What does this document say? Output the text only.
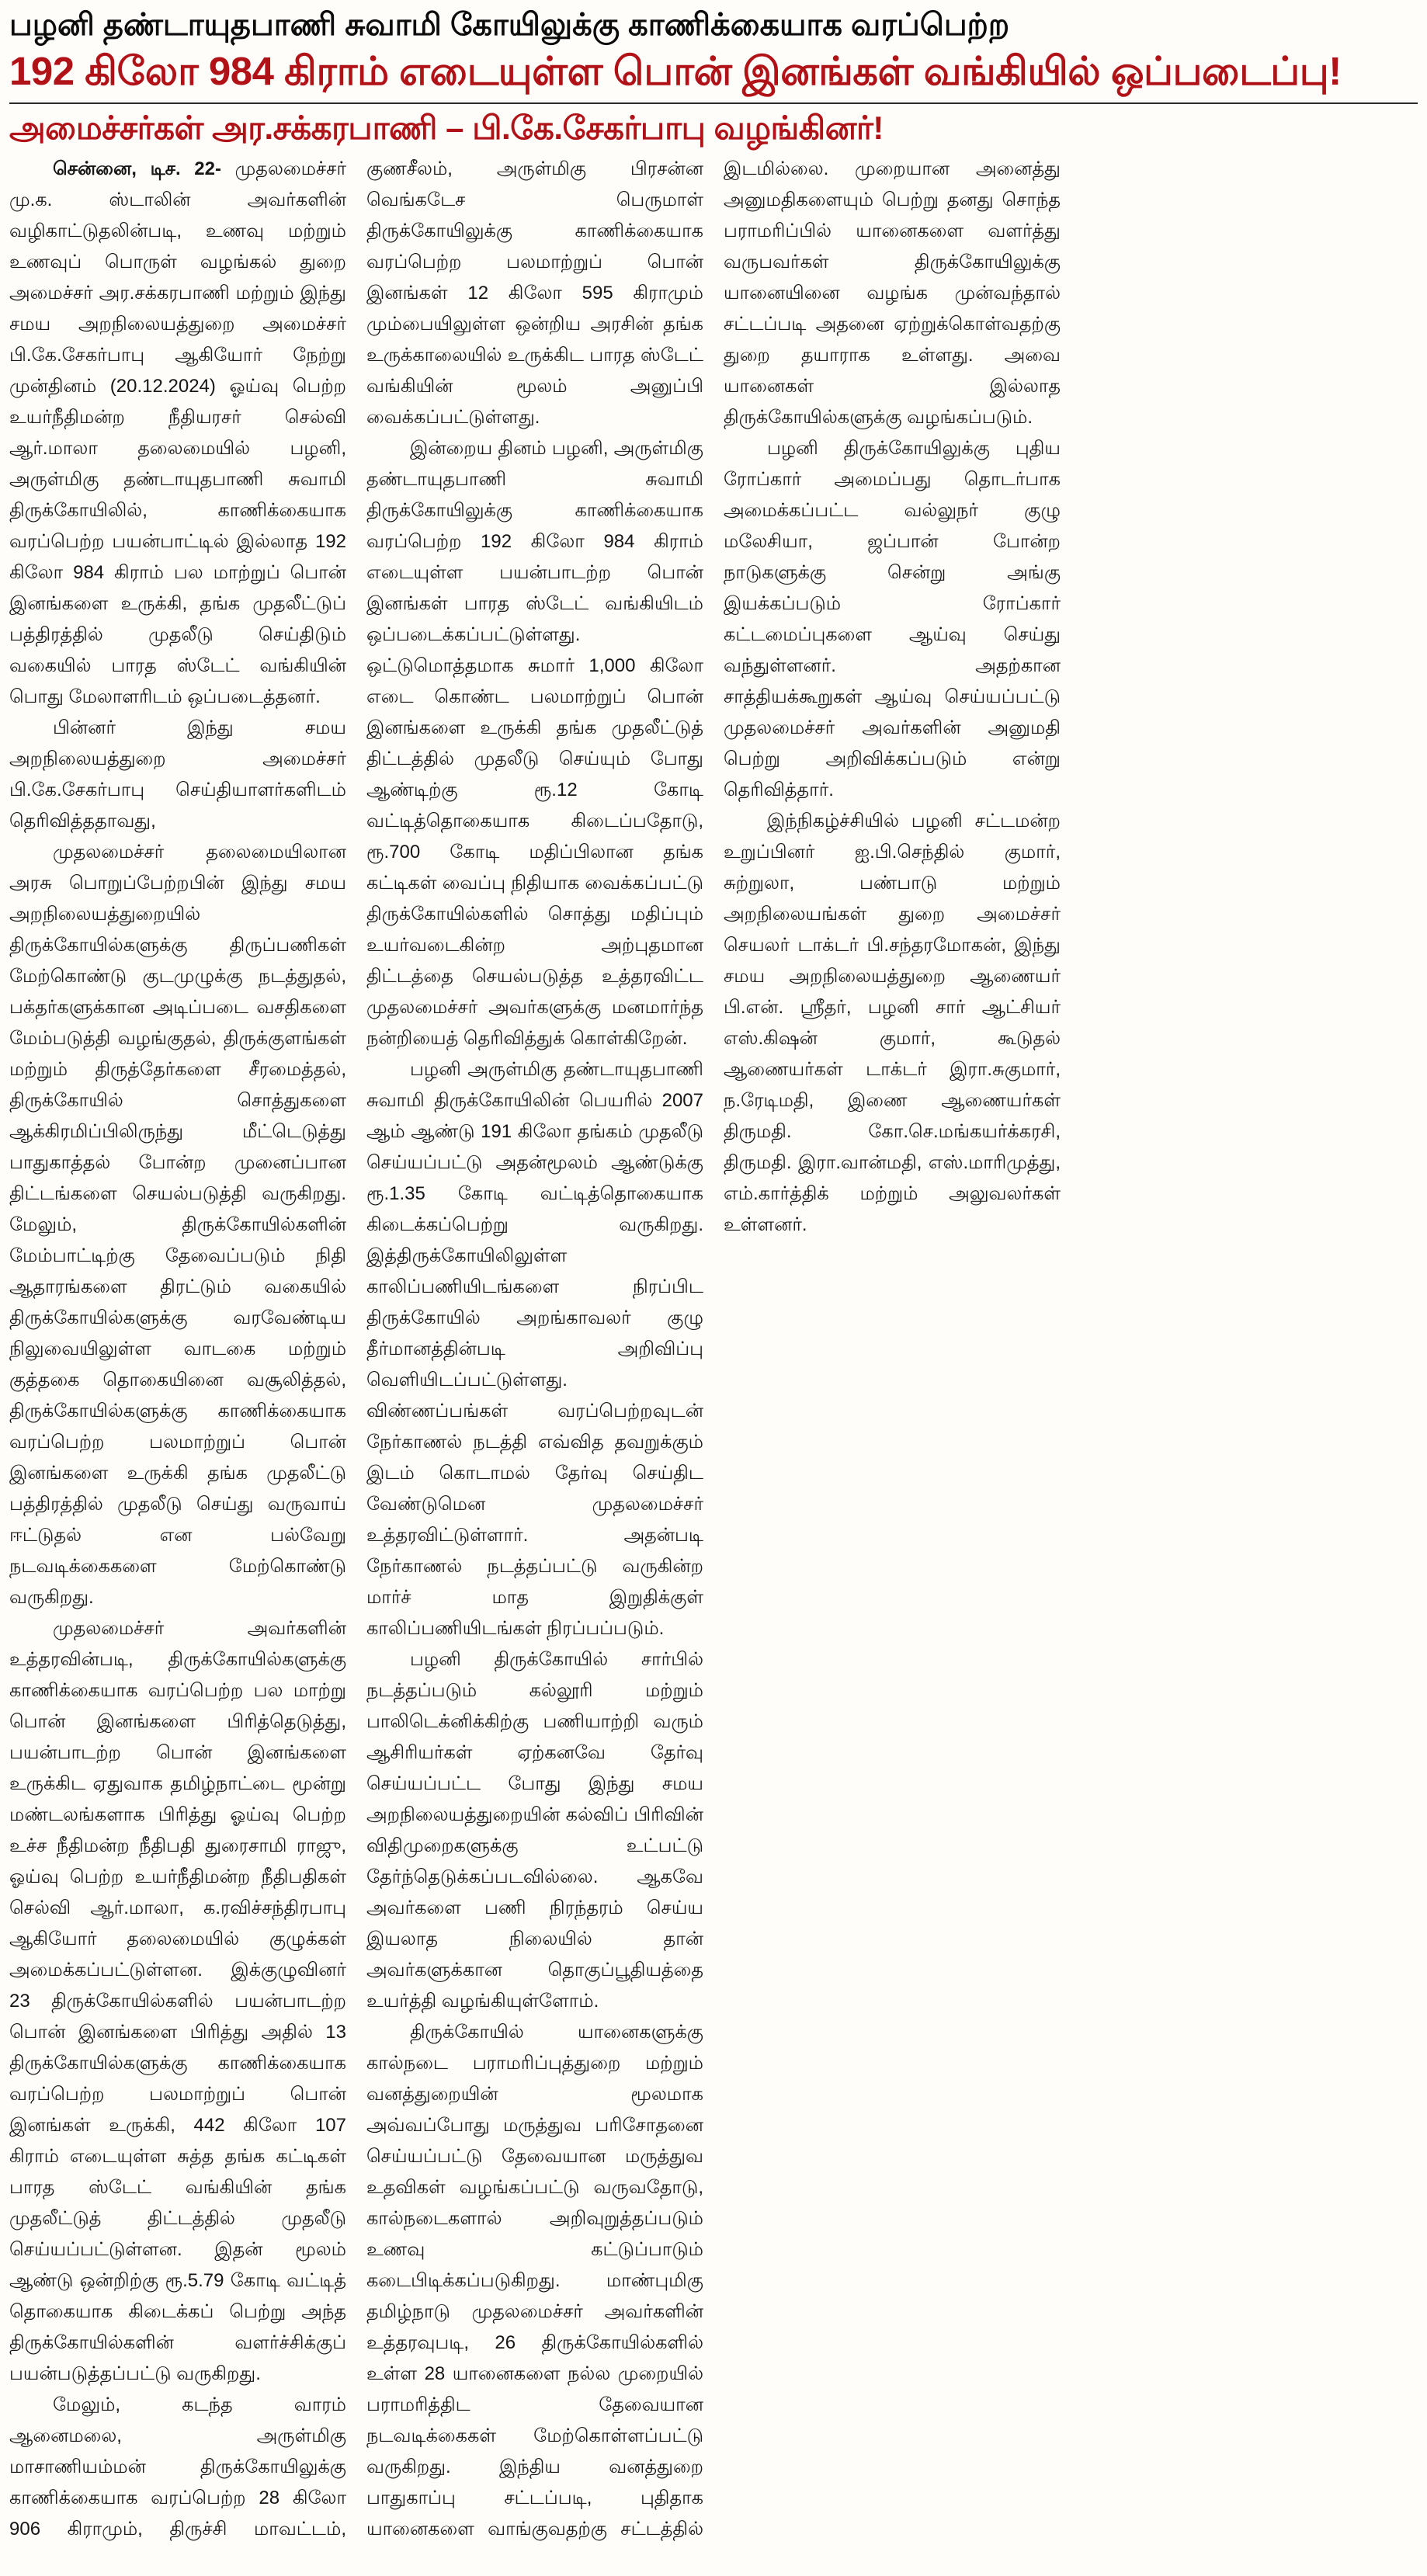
பழனி தண்டாயுதபாணி சுவாமி கோயிலுக்கு காணிக்கையாக வரப்பெற்ற
192 கிலோ 984 கிராம் எடையுள்ள பொன் இனங்கள் வங்கியில் ஒப்படைப்பு!
அமைச்சர்கள் அர.சக்கரபாணி – பி.கே.சேகர்பாபு வழங்கினர்!

சென்னை, டிச. 22- முதலமைச்சர் மு.க. ஸ்டாலின் அவர்களின் வழிகாட்டுதலின்படி, உணவு மற்றும் உணவுப் பொருள் வழங்கல் துறை அமைச்சர் அர.சக்கரபாணி மற்றும் இந்து சமய அறநிலையத்துறை அமைச்சர் பி.கே.சேகர்பாபு ஆகியோர் நேற்று முன்தினம் (20.12.2024) ஓய்வு பெற்ற உயர்நீதிமன்ற நீதியரசர் செல்வி ஆர்.மாலா தலைமையில் பழனி, அருள்மிகு தண்டாயுதபாணி சுவாமி திருக்கோயிலில், காணிக்கையாக வரப்பெற்ற பயன்பாட்டில் இல்லாத 192 கிலோ 984 கிராம் பல மாற்றுப் பொன் இனங்களை உருக்கி, தங்க முதலீட்டுப் பத்திரத்தில் முதலீடு செய்திடும் வகையில் பாரத ஸ்டேட் வங்கியின் பொது மேலாளரிடம் ஒப்படைத்தனர்.

பின்னர் இந்து சமய அறநிலையத்துறை அமைச்சர் பி.கே.சேகர்பாபு செய்தியாளர்களிடம் தெரிவித்ததாவது,

முதலமைச்சர் தலைமையிலான அரசு பொறுப்பேற்றபின் இந்து சமய அறநிலையத்துறையில் திருக்கோயில்களுக்கு திருப்பணிகள் மேற்கொண்டு குடமுழுக்கு நடத்துதல், பக்தர்களுக்கான அடிப்படை வசதிகளை மேம்படுத்தி வழங்குதல், திருக்குளங்கள் மற்றும் திருத்தேர்களை சீரமைத்தல், திருக்கோயில் சொத்துகளை ஆக்கிரமிப்பிலிருந்து மீட்டெடுத்து பாதுகாத்தல் போன்ற முனைப்பான திட்டங்களை செயல்படுத்தி வருகிறது. மேலும், திருக்கோயில்களின் மேம்பாட்டிற்கு தேவைப்படும் நிதி ஆதாரங்களை திரட்டும் வகையில் திருக்கோயில்களுக்கு வரவேண்டிய நிலுவையிலுள்ள வாடகை மற்றும் குத்தகை தொகையினை வசூலித்தல், திருக்கோயில்களுக்கு காணிக்கையாக வரப்பெற்ற பலமாற்றுப் பொன் இனங்களை உருக்கி தங்க முதலீட்டு பத்திரத்தில் முதலீடு செய்து வருவாய் ஈட்டுதல் என பல்வேறு நடவடிக்கைகளை மேற்கொண்டு வருகிறது.

முதலமைச்சர் அவர்களின் உத்தரவின்படி, திருக்கோயில்களுக்கு காணிக்கையாக வரப்பெற்ற பல மாற்று பொன் இனங்களை பிரித்தெடுத்து, பயன்பாடற்ற பொன் இனங்களை உருக்கிட ஏதுவாக தமிழ்நாட்டை மூன்று மண்டலங்களாக பிரித்து ஓய்வு பெற்ற உச்ச நீதிமன்ற நீதிபதி துரைசாமி ராஜு, ஓய்வு பெற்ற உயர்நீதிமன்ற நீதிபதிகள் செல்வி ஆர்.மாலா, க.ரவிச்சந்திரபாபு ஆகியோர் தலைமையில் குழுக்கள் அமைக்கப்பட்டுள்ளன. இக்குழுவினர் 23 திருக்கோயில்களில் பயன்பாடற்ற பொன் இனங்களை பிரித்து அதில் 13 திருக்கோயில்களுக்கு காணிக்கையாக வரப்பெற்ற பலமாற்றுப் பொன் இனங்கள் உருக்கி, 442 கிலோ 107 கிராம் எடையுள்ள சுத்த தங்க கட்டிகள் பாரத ஸ்டேட் வங்கியின் தங்க முதலீட்டுத் திட்டத்தில் முதலீடு செய்யப்பட்டுள்ளன. இதன் மூலம் ஆண்டு ஒன்றிற்கு ரூ.5.79 கோடி வட்டித் தொகையாக கிடைக்கப் பெற்று அந்த திருக்கோயில்களின் வளர்ச்சிக்குப் பயன்படுத்தப்பட்டு வருகிறது.

மேலும், கடந்த வாரம் ஆனைமலை, அருள்மிகு மாசாணியம்மன் திருக்கோயிலுக்கு காணிக்கையாக வரப்பெற்ற 28 கிலோ 906 கிராமும், திருச்சி மாவட்டம், குணசீலம், அருள்மிகு பிரசன்ன வெங்கடேச பெருமாள் திருக்கோயிலுக்கு காணிக்கையாக வரப்பெற்ற பலமாற்றுப் பொன் இனங்கள் 12 கிலோ 595 கிராமும் மும்பையிலுள்ள ஒன்றிய அரசின் தங்க உருக்காலையில் உருக்கிட பாரத ஸ்டேட் வங்கியின் மூலம் அனுப்பி வைக்கப்பட்டுள்ளது.

இன்றைய தினம் பழனி, அருள்மிகு தண்டாயுதபாணி சுவாமி திருக்கோயிலுக்கு காணிக்கையாக வரப்பெற்ற 192 கிலோ 984 கிராம் எடையுள்ள பயன்பாடற்ற பொன் இனங்கள் பாரத ஸ்டேட் வங்கியிடம் ஒப்படைக்கப்பட்டுள்ளது. ஒட்டுமொத்தமாக சுமார் 1,000 கிலோ எடை கொண்ட பலமாற்றுப் பொன் இனங்களை உருக்கி தங்க முதலீட்டுத் திட்டத்தில் முதலீடு செய்யும் போது ஆண்டிற்கு ரூ.12 கோடி வட்டித்தொகையாக கிடைப்பதோடு, ரூ.700 கோடி மதிப்பிலான தங்க கட்டிகள் வைப்பு நிதியாக வைக்கப்பட்டு திருக்கோயில்களில் சொத்து மதிப்பும் உயர்வடைகின்ற அற்புதமான திட்டத்தை செயல்படுத்த உத்தரவிட்ட முதலமைச்சர் அவர்களுக்கு மனமார்ந்த நன்றியைத் தெரிவித்துக் கொள்கிறேன்.

பழனி அருள்மிகு தண்டாயுதபாணி சுவாமி திருக்கோயிலின் பெயரில் 2007 ஆம் ஆண்டு 191 கிலோ தங்கம் முதலீடு செய்யப்பட்டு அதன்மூலம் ஆண்டுக்கு ரூ.1.35 கோடி வட்டித்தொகையாக கிடைக்கப்பெற்று வருகிறது. இத்திருக்கோயிலிலுள்ள காலிப்பணியிடங்களை நிரப்பிட திருக்கோயில் அறங்காவலர் குழு தீர்மானத்தின்படி அறிவிப்பு வெளியிடப்பட்டுள்ளது. விண்ணப்பங்கள் வரப்பெற்றவுடன் நேர்காணல் நடத்தி எவ்வித தவறுக்கும் இடம் கொடாமல் தேர்வு செய்திட வேண்டுமென முதலமைச்சர் உத்தரவிட்டுள்ளார். அதன்படி நேர்காணல் நடத்தப்பட்டு வருகின்ற மார்ச் மாத இறுதிக்குள் காலிப்பணியிடங்கள் நிரப்பப்படும்.

பழனி திருக்கோயில் சார்பில் நடத்தப்படும் கல்லூரி மற்றும் பாலிடெக்னிக்கிற்கு பணியாற்றி வரும் ஆசிரியர்கள் ஏற்கனவே தேர்வு செய்யப்பட்ட போது இந்து சமய அறநிலையத்துறையின் கல்விப் பிரிவின் விதிமுறைகளுக்கு உட்பட்டு தேர்ந்தெடுக்கப்படவில்லை. ஆகவே அவர்களை பணி நிரந்தரம் செய்ய இயலாத நிலையில் தான் அவர்களுக்கான தொகுப்பூதியத்தை உயர்த்தி வழங்கியுள்ளோம்.

திருக்கோயில் யானைகளுக்கு கால்நடை பராமரிப்புத்துறை மற்றும் வனத்துறையின் மூலமாக அவ்வப்போது மருத்துவ பரிசோதனை செய்யப்பட்டு தேவையான மருத்துவ உதவிகள் வழங்கப்பட்டு வருவதோடு, கால்நடைகளால் அறிவுறுத்தப்படும் உணவு கட்டுப்பாடும் கடைபிடிக்கப்படுகிறது. மாண்புமிகு தமிழ்நாடு முதலமைச்சர் அவர்களின் உத்தரவுபடி, 26 திருக்கோயில்களில் உள்ள 28 யானைகளை நல்ல முறையில் பராமரித்திட தேவையான நடவடிக்கைகள் மேற்கொள்ளப்பட்டு வருகிறது. இந்திய வனத்துறை பாதுகாப்பு சட்டப்படி, புதிதாக யானைகளை வாங்குவதற்கு சட்டத்தில் இடமில்லை. முறையான அனைத்து அனுமதிகளையும் பெற்று தனது சொந்த பராமரிப்பில் யானைகளை வளர்த்து வருபவர்கள் திருக்கோயிலுக்கு யானையினை வழங்க முன்வந்தால் சட்டப்படி அதனை ஏற்றுக்கொள்வதற்கு துறை தயாராக உள்ளது. அவை யானைகள் இல்லாத திருக்கோயில்களுக்கு வழங்கப்படும்.

பழனி திருக்கோயிலுக்கு புதிய ரோப்கார் அமைப்பது தொடர்பாக அமைக்கப்பட்ட வல்லுநர் குழு மலேசியா, ஜப்பான் போன்ற நாடுகளுக்கு சென்று அங்கு இயக்கப்படும் ரோப்கார் கட்டமைப்புகளை ஆய்வு செய்து வந்துள்ளனர். அதற்கான சாத்தியக்கூறுகள் ஆய்வு செய்யப்பட்டு முதலமைச்சர் அவர்களின் அனுமதி பெற்று அறிவிக்கப்படும் என்று தெரிவித்தார்.

இந்நிகழ்ச்சியில் பழனி சட்டமன்ற உறுப்பினர் ஐ.பி.செந்தில் குமார், சுற்றுலா, பண்பாடு மற்றும் அறநிலையங்கள் துறை அமைச்சர் செயலர் டாக்டர் பி.சந்தரமோகன், இந்து சமய அறநிலையத்துறை ஆணையர் பி.என். ஸ்ரீதர், பழனி சார் ஆட்சியர் எஸ்.கிஷன் குமார், கூடுதல் ஆணையர்கள் டாக்டர் இரா.சுகுமார், ந.ரேடிமதி, இணை ஆணையர்கள் திருமதி. கோ.செ.மங்கயர்க்கரசி, திருமதி. இரா.வான்மதி, எஸ்.மாரிமுத்து, எம்.கார்த்திக் மற்றும் அலுவலர்கள் உள்ளனர்.
